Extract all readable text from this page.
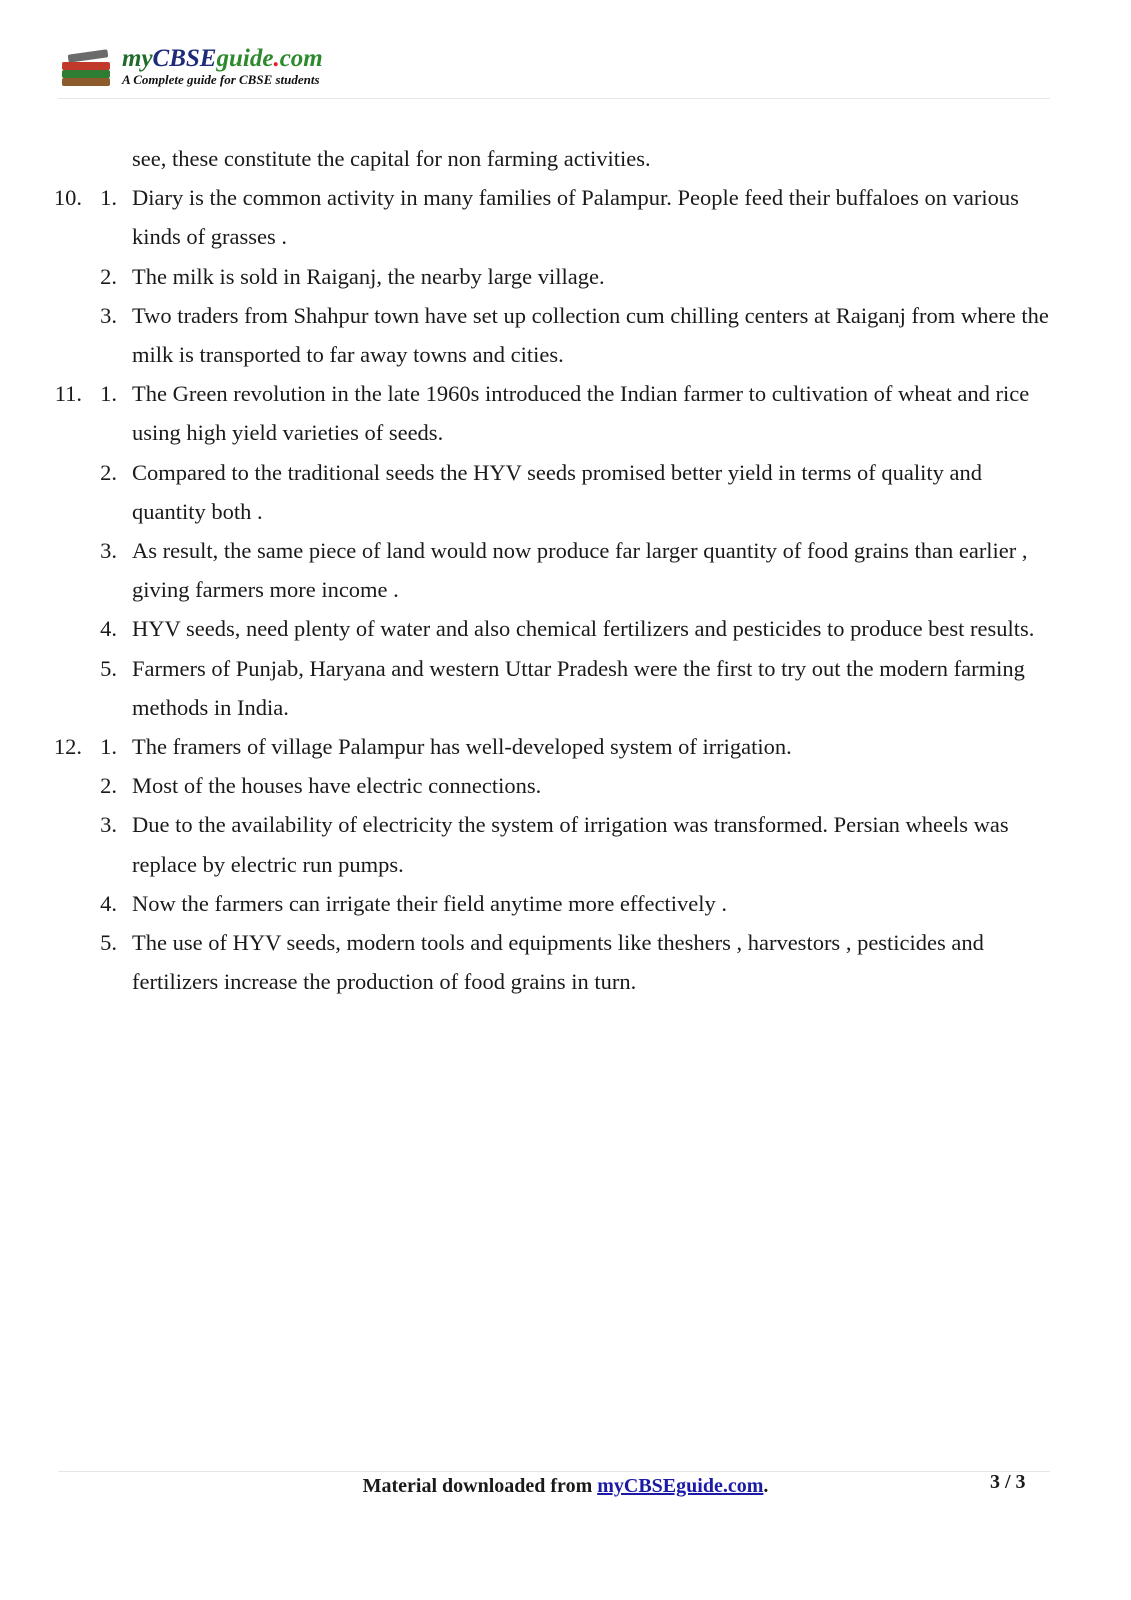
myCBSEguide.com
A Complete guide for CBSE students
see, these constitute the capital for non farming activities.
10. 1. Diary is the common activity in many families of Palampur. People feed their buffaloes on various kinds of grasses .
2. The milk is sold in Raiganj, the nearby large village.
3. Two traders from Shahpur town have set up collection cum chilling centers at Raiganj from where the milk is transported to far away towns and cities.
11. 1. The Green revolution in the late 1960s introduced the Indian farmer to cultivation of wheat and rice using high yield varieties of seeds.
2. Compared to the traditional seeds the HYV seeds promised better yield in terms of quality and quantity both .
3. As result, the same piece of land would now produce far larger quantity of food grains than earlier , giving farmers more income .
4. HYV seeds, need plenty of water and also chemical fertilizers and pesticides to produce best results.
5. Farmers of Punjab, Haryana and western Uttar Pradesh were the first to try out the modern farming methods in India.
12. 1. The framers of village Palampur has well-developed system of irrigation.
2. Most of the houses have electric connections.
3. Due to the availability of electricity the system of irrigation was transformed. Persian wheels was replace by electric run pumps.
4. Now the farmers can irrigate their field anytime more effectively .
5. The use of HYV seeds, modern tools and equipments like theshers , harvestors , pesticides and fertilizers increase the production of food grains in turn.
Material downloaded from myCBSEguide.com.	3 / 3
